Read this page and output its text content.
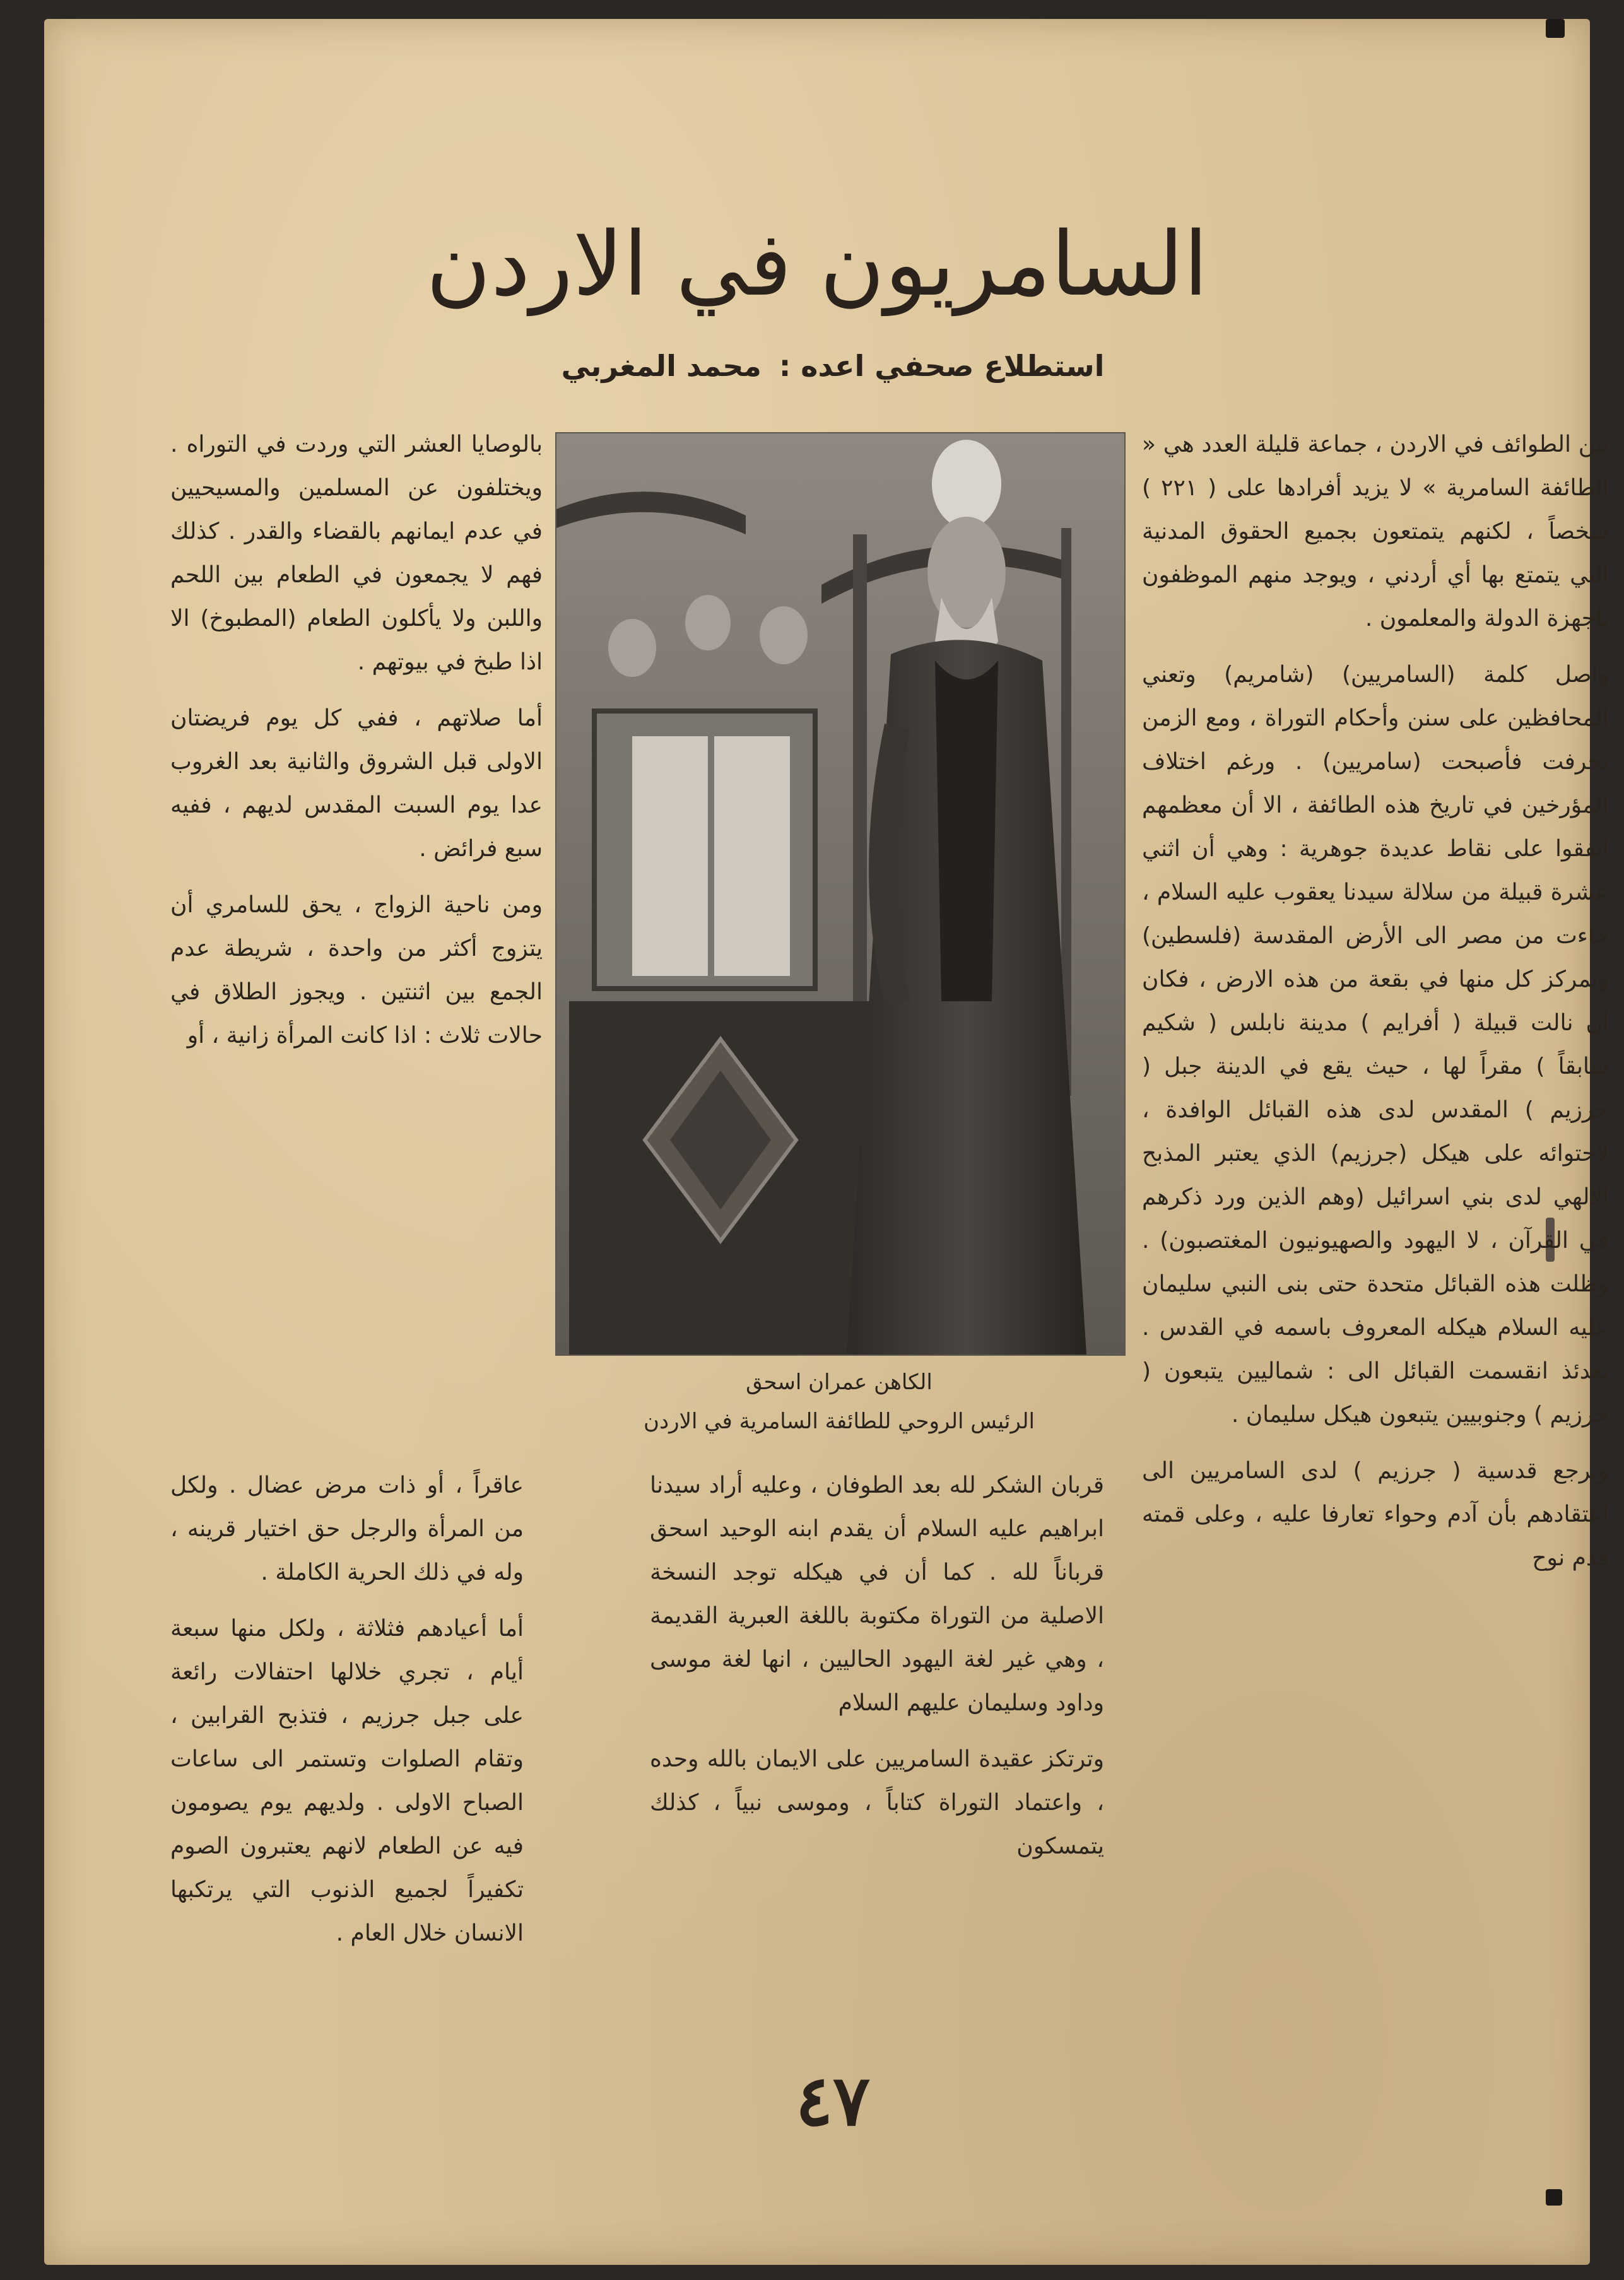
السامريون في الاردن
استطلاع صحفي اعده :محمد المغربي

بين الطوائف في الاردن ، جماعة قليلة العدد هي « الطائفة السامرية » لا يزيد أفرادها على ( ٢٢١ ) شخصاً ، لكنهم يتمتعون بجميع الحقوق المدنية التي يتمتع بها أي أردني ، ويوجد منهم الموظفون بأجهزة الدولة والمعلمون .

واصل كلمة (السامريين) (شامريم) وتعني المحافظين على سنن وأحكام التوراة ، ومع الزمن تحرفت فأصبحت (سامريين) . ورغم اختلاف المؤرخين في تاريخ هذه الطائفة ، الا أن معظمهم اتفقوا على نقاط عديدة جوهرية : وهي أن اثني عشرة قبيلة من سلالة سيدنا يعقوب عليه السلام ، جاءت من مصر الى الأرض المقدسة (فلسطين) وتمركز كل منها في بقعة من هذه الارض ، فكان أن نالت قبيلة ( أفرايم ) مدينة نابلس ( شكيم سابقاً ) مقراً لها ، حيث يقع في الدينة جبل ( جرزيم ) المقدس لدى هذه القبائل الوافدة ، لاحتوائه على هيكل (جرزيم) الذي يعتبر المذبح الالهي لدى بني اسرائيل (وهم الذين ورد ذكرهم في القرآن ، لا اليهود والصهيونيون المغتصبون) . وظلت هذه القبائل متحدة حتى بنى النبي سليمان عليه السلام هيكله المعروف باسمه في القدس . بعدئذ انقسمت القبائل الى : شماليين يتبعون ( جرزيم ) وجنوبيين يتبعون هيكل سليمان .

وترجع قدسية ( جرزيم ) لدى السامريين الى اعتقادهم بأن آدم وحواء تعارفا عليه ، وعلى قمته قدم نوح

الكاهن عمران اسحق
الرئيس الروحي للطائفة السامرية في الاردن

بالوصايا العشر التي وردت في التوراه . ويختلفون عن المسلمين والمسيحيين في عدم ايمانهم بالقضاء والقدر . كذلك فهم لا يجمعون في الطعام بين اللحم واللبن ولا يأكلون الطعام (المطبوخ) الا اذا طبخ في بيوتهم .

أما صلاتهم ، ففي كل يوم فريضتان الاولى قبل الشروق والثانية بعد الغروب عدا يوم السبت المقدس لديهم ، ففيه سبع فرائض .

ومن ناحية الزواج ، يحق للسامري أن يتزوج أكثر من واحدة ، شريطة عدم الجمع بين اثنتين . ويجوز الطلاق في حالات ثلاث : اذا كانت المرأة زانية ، أو

قربان الشكر لله بعد الطوفان ، وعليه أراد سيدنا ابراهيم عليه السلام أن يقدم ابنه الوحيد اسحق قرباناً لله . كما أن في هيكله توجد النسخة الاصلية من التوراة مكتوبة باللغة العبرية القديمة ، وهي غير لغة اليهود الحاليين ، انها لغة موسى وداود وسليمان عليهم السلام

وترتكز عقيدة السامريين على الايمان بالله وحده ، واعتماد التوراة كتاباً ، وموسى نبياً ، كذلك يتمسكون

عاقراً ، أو ذات مرض عضال . ولكل من المرأة والرجل حق اختيار قرينه ، وله في ذلك الحرية الكاملة .

أما أعيادهم فثلاثة ، ولكل منها سبعة أيام ، تجري خلالها احتفالات رائعة على جبل جرزيم ، فتذبح القرابين ، وتقام الصلوات وتستمر الى ساعات الصباح الاولى . ولديهم يوم يصومون فيه عن الطعام لانهم يعتبرون الصوم تكفيراً لجميع الذنوب التي يرتكبها الانسان خلال العام .

٤٧
